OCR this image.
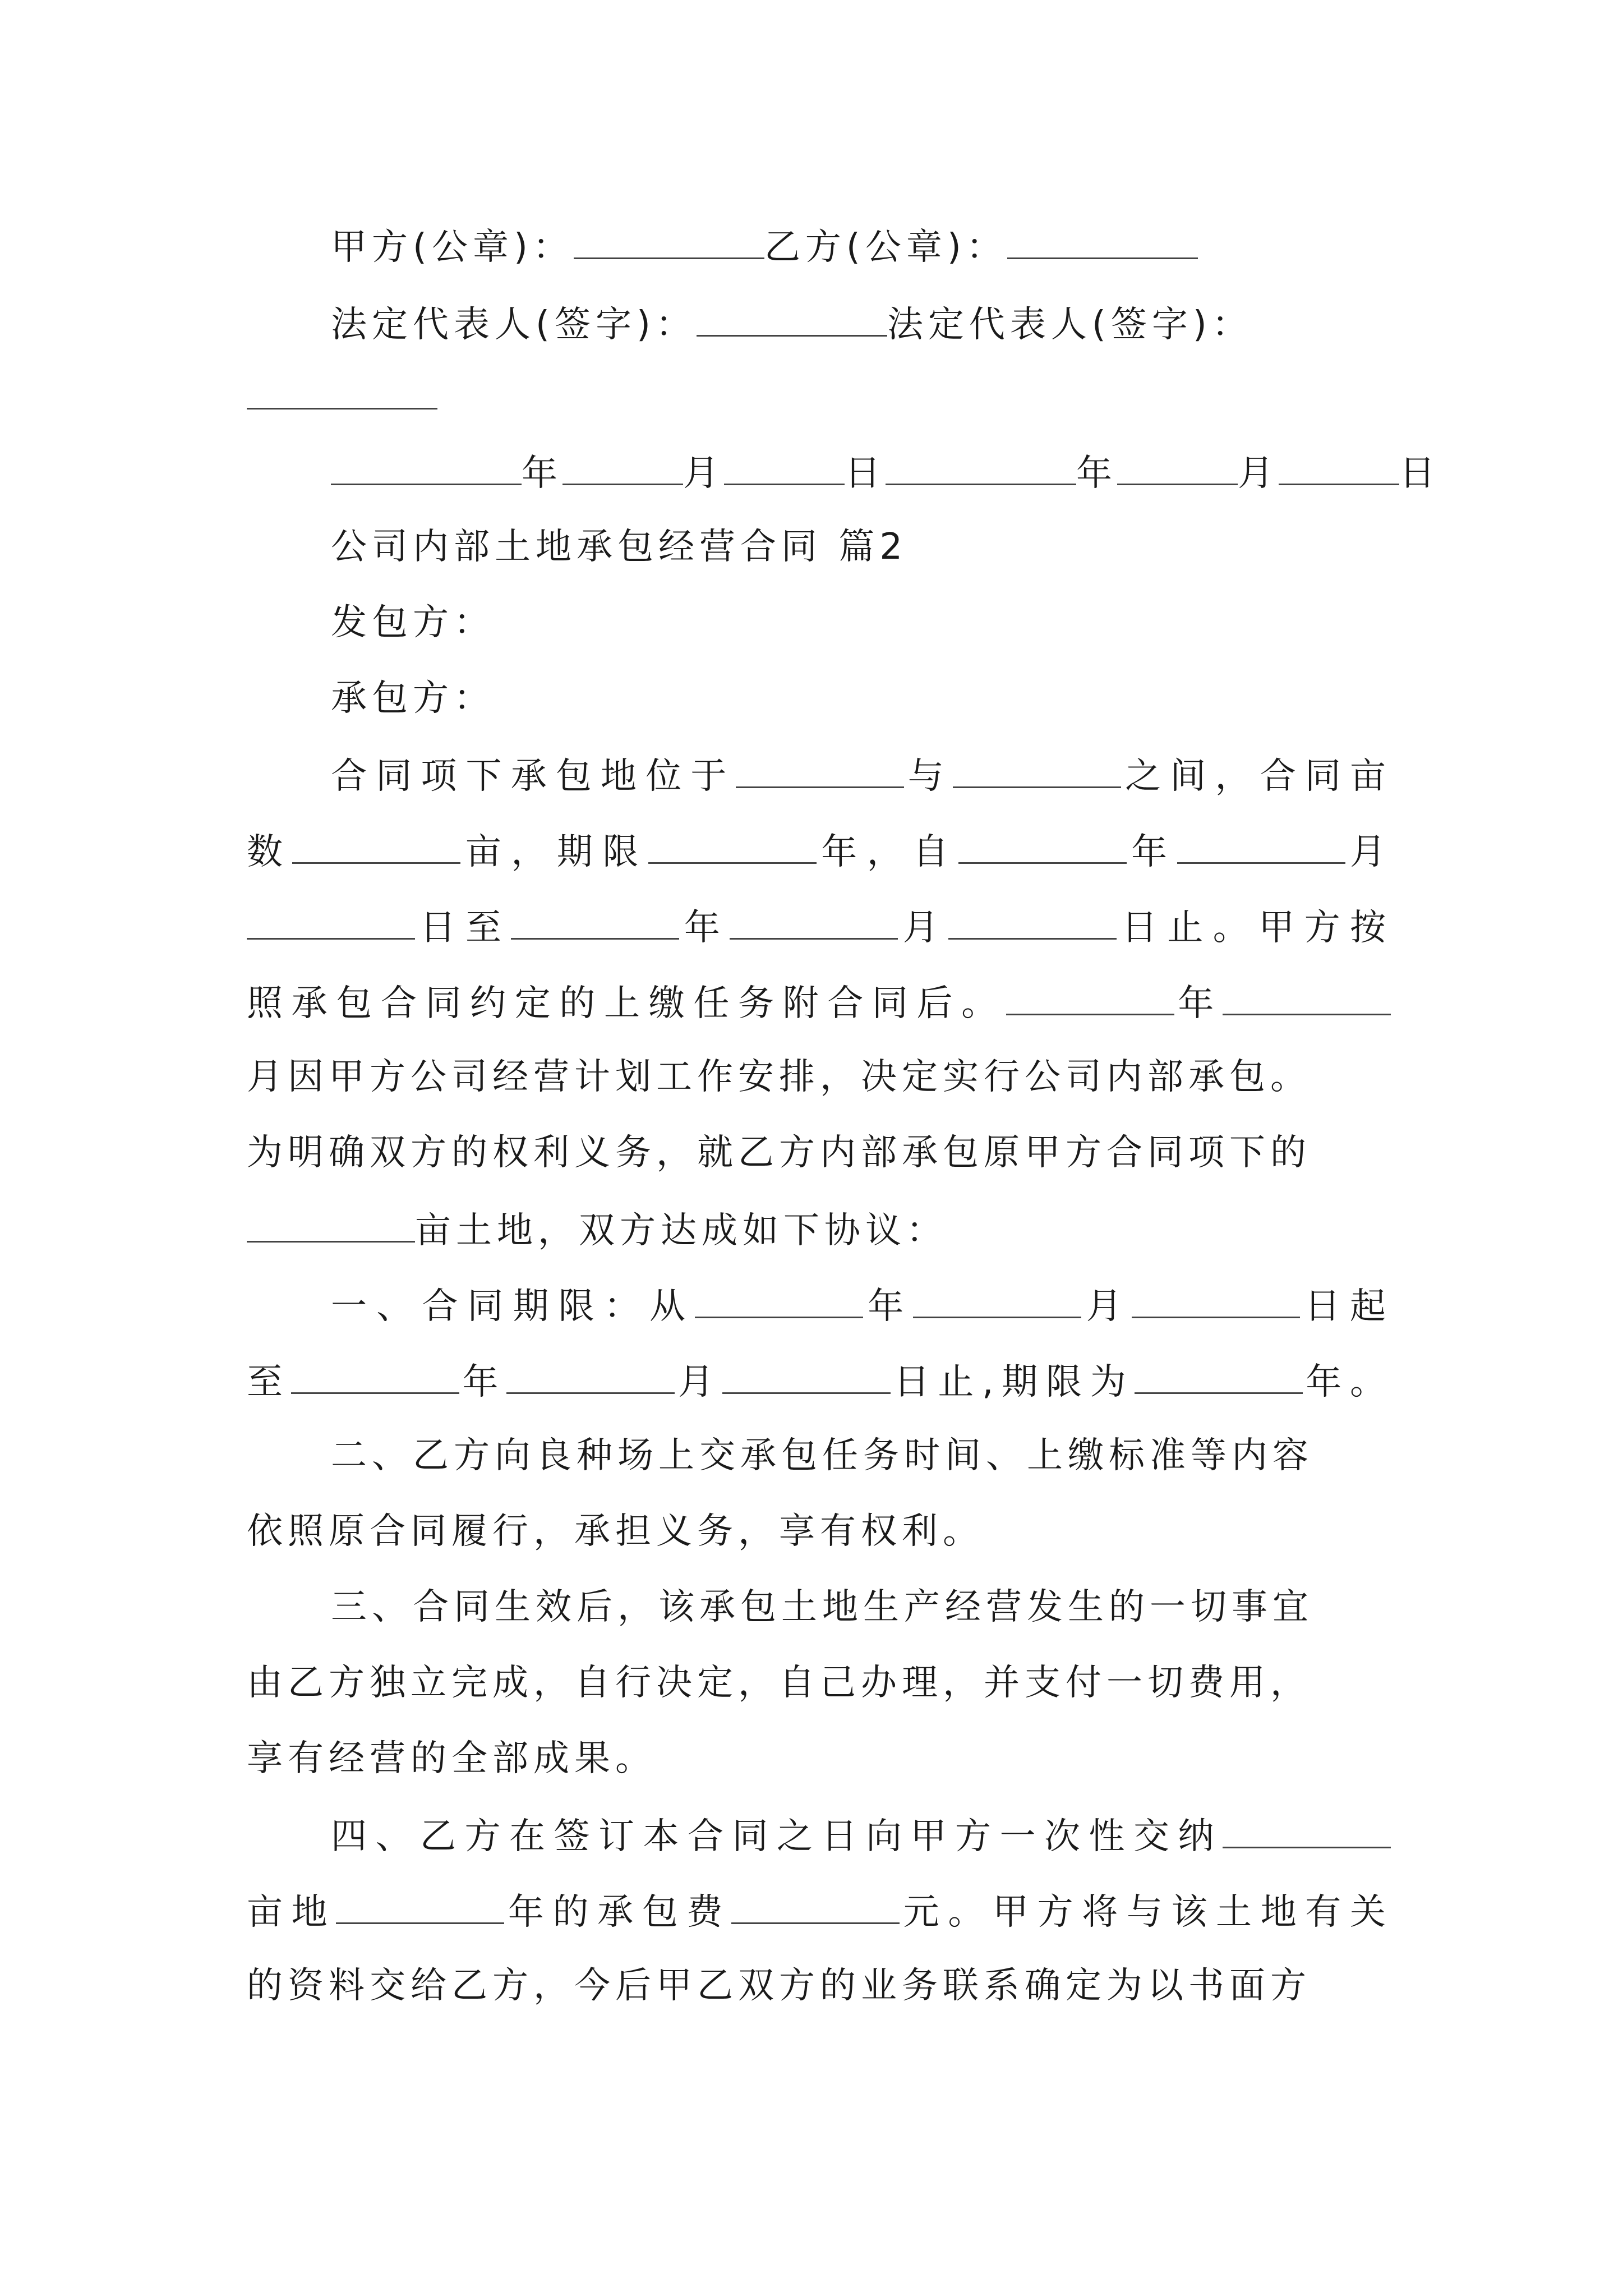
甲方(公章)：	乙方(公章)：
法定代表人(签字)：	法定代表人(签字)：
年	月	日	年	月	日
公司内部土地承包经营合同 篇2
发包方：
承包方：
合同项下承包地位于	与	之间，合同亩
数	亩，期限	年，自	年	月
日至	年	月	日止。甲方按
照承包合同约定的上缴任务附合同后。	年
月因甲方公司经营计划工作安排，决定实行公司内部承包。
为明确双方的权利义务，就乙方内部承包原甲方合同项下的
亩土地，双方达成如下协议：
一、合同期限：从	年	月	日起
至	年	月	日止,期限为	年。
二、乙方向良种场上交承包任务时间、上缴标准等内容
依照原合同履行，承担义务，享有权利。
三、合同生效后，该承包土地生产经营发生的一切事宜
由乙方独立完成，自行决定，自己办理，并支付一切费用，
享有经营的全部成果。
四、乙方在签订本合同之日向甲方一次性交纳
亩地	年的承包费	元。甲方将与该土地有关
的资料交给乙方，今后甲乙双方的业务联系确定为以书面方
